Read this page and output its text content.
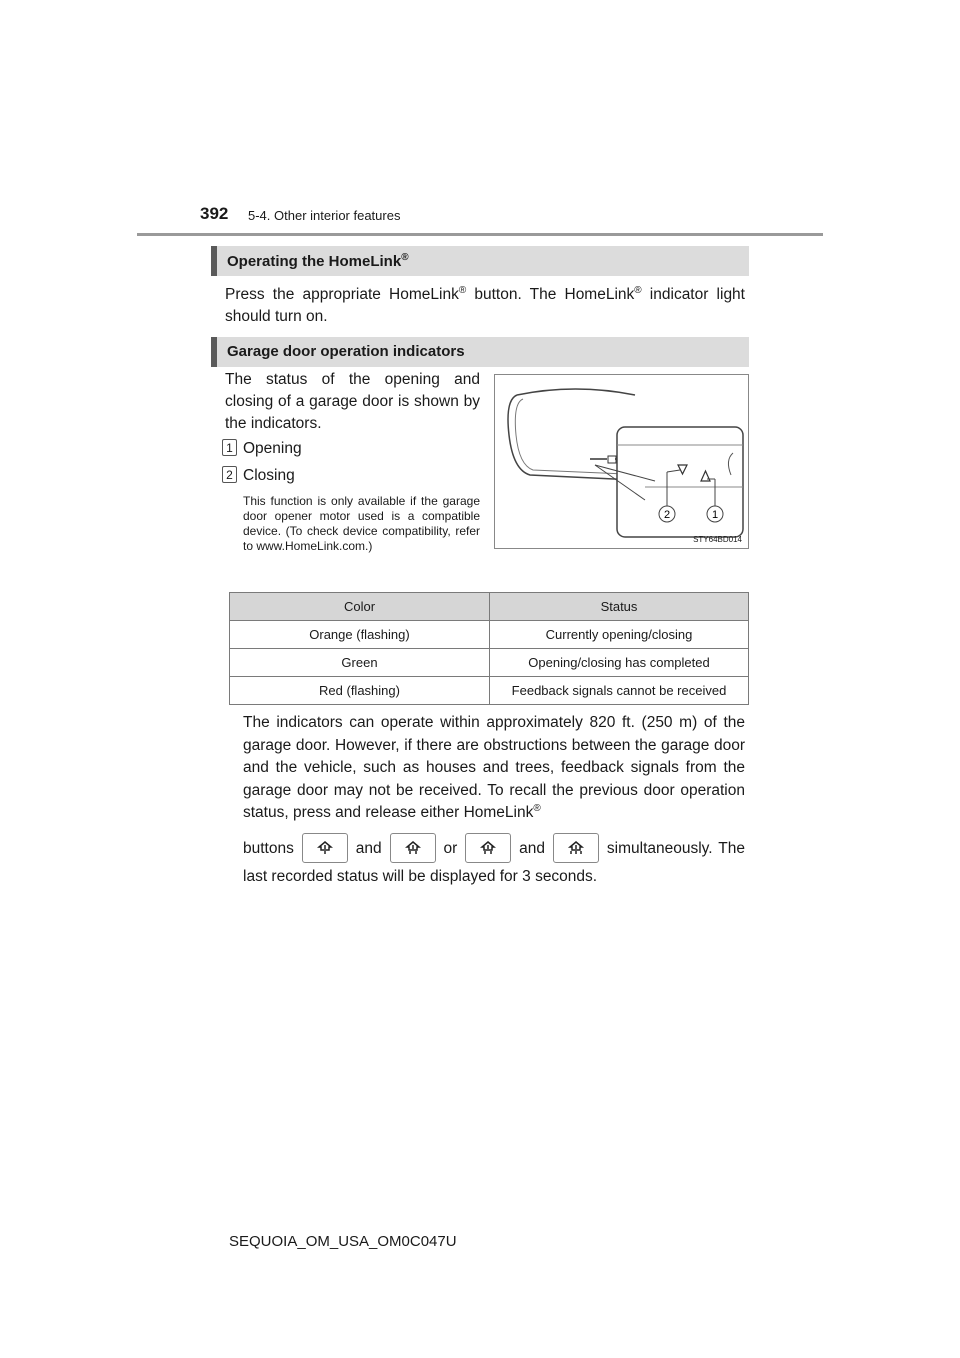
392 5-4. Other interior features
Operating the HomeLink®
Press the appropriate HomeLink® button. The HomeLink® indicator light should turn on.
Garage door operation indicators
The status of the opening and closing of a garage door is shown by the indicators.
1 Opening
2 Closing
This function is only available if the garage door opener motor used is a compatible device. (To check device compatibility, refer to www.HomeLink.com.)
2	1
STY64BD014
Color	Status
Orange (flashing)	Currently opening/closing
Green	Opening/closing has completed
Red (flashing)	Feedback signals cannot be received
The indicators can operate within approximately 820 ft. (250 m) of the garage door. However, if there are obstructions between the garage door and the vehicle, such as houses and trees, feedback signals from the garage door may not be received. To recall the previous door operation status, press and release either HomeLink®
buttons	and	or	and	simultaneously. The
last recorded status will be displayed for 3 seconds.
SEQUOIA_OM_USA_OM0C047U
